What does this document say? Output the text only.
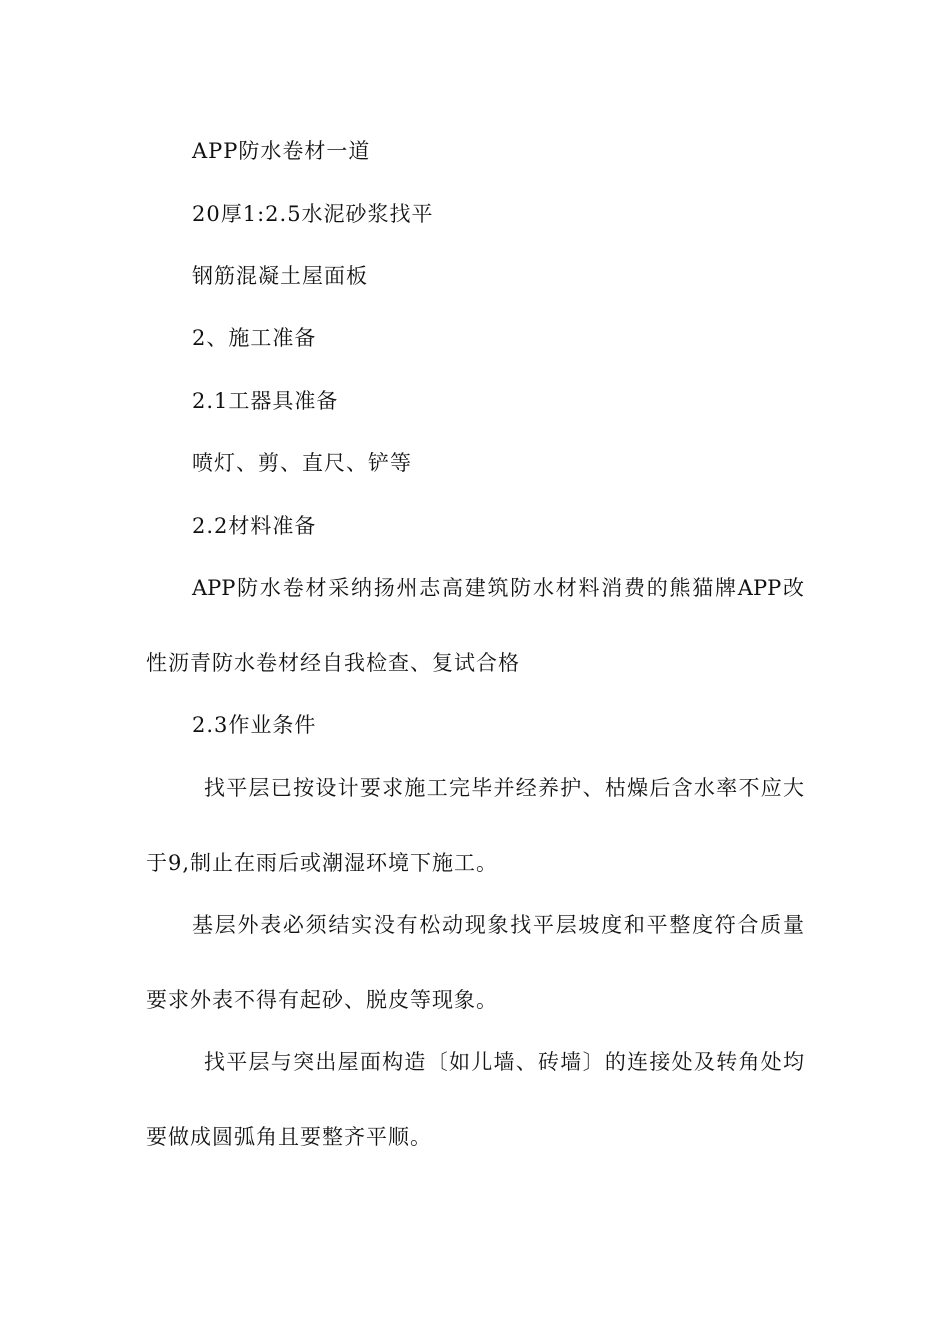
APP防水卷材一道

20厚1:2.5水泥砂浆找平

钢筋混凝土屋面板

2、施工准备

2.1工器具准备

喷灯、剪、直尺、铲等

2.2材料准备

APP防水卷材采纳扬州志高建筑防水材料消费的熊猫牌APP改

性沥青防水卷材经自我检查、复试合格

2.3作业条件

找平层已按设计要求施工完毕并经养护、枯燥后含水率不应大

于9,制止在雨后或潮湿环境下施工。

基层外表必须结实没有松动现象找平层坡度和平整度符合质量

要求外表不得有起砂、脱皮等现象。

找平层与突出屋面构造〔如儿墙、砖墙〕的连接处及转角处均

要做成圆弧角且要整齐平顺。
